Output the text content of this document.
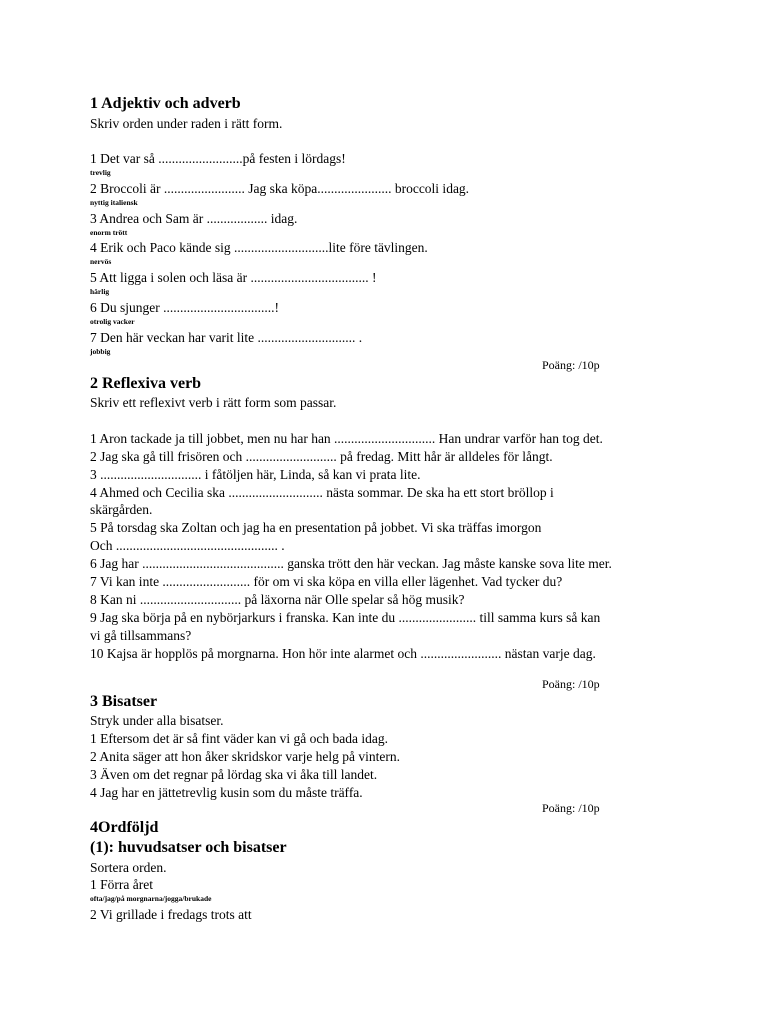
1 Adjektiv och adverb

Skriv orden under raden i rätt form.

1 Det var så .........................på festen i lördags!

trevlig

2 Broccoli är ........................ Jag ska köpa...................... broccoli idag.

nyttig italiensk

3 Andrea och Sam är .................. idag.

enorm trött

4 Erik och Paco kände sig ............................lite före tävlingen.

nervös

5 Att ligga i solen och läsa är ................................... !

härlig

6 Du sjunger .................................!

otrolig vacker

7 Den här veckan har varit lite ............................. .

jobbig

Poäng: /10p

2 Reflexiva verb

Skriv ett reflexivt verb i rätt form som passar.

1 Aron tackade ja till jobbet, men nu har han .............................. Han undrar varför han tog det.

2 Jag ska gå till frisören och ........................... på fredag. Mitt hår är alldeles för långt.

3 .............................. i fåtöljen här, Linda, så kan vi prata lite.

4 Ahmed och Cecilia ska ............................ nästa sommar. De ska ha ett stort bröllop i

skärgården.

5 På torsdag ska Zoltan och jag ha en presentation på jobbet. Vi ska träffas imorgon

Och ................................................ .

6 Jag har .......................................... ganska trött den här veckan. Jag måste kanske sova lite mer.

7 Vi kan inte .......................... för om vi ska köpa en villa eller lägenhet. Vad tycker du?

8 Kan ni .............................. på läxorna när Olle spelar så hög musik?

9 Jag ska börja på en nybörjarkurs i franska. Kan inte du ....................... till samma kurs så kan

vi gå tillsammans?

10 Kajsa är hopplös på morgnarna. Hon hör inte alarmet och ........................ nästan varje dag.

Poäng: /10p

3 Bisatser

Stryk under alla bisatser.

1 Eftersom det är så fint väder kan vi gå och bada idag.

2 Anita säger att hon åker skridskor varje helg på vintern.

3 Även om det regnar på lördag ska vi åka till landet.

4 Jag har en jättetrevlig kusin som du måste träffa.

Poäng: /10p

4Ordföljd
(1): huvudsatser och bisatser

Sortera orden.

1 Förra året

ofta/jag/på morgnarna/jogga/brukade

2 Vi grillade i fredags trots att
